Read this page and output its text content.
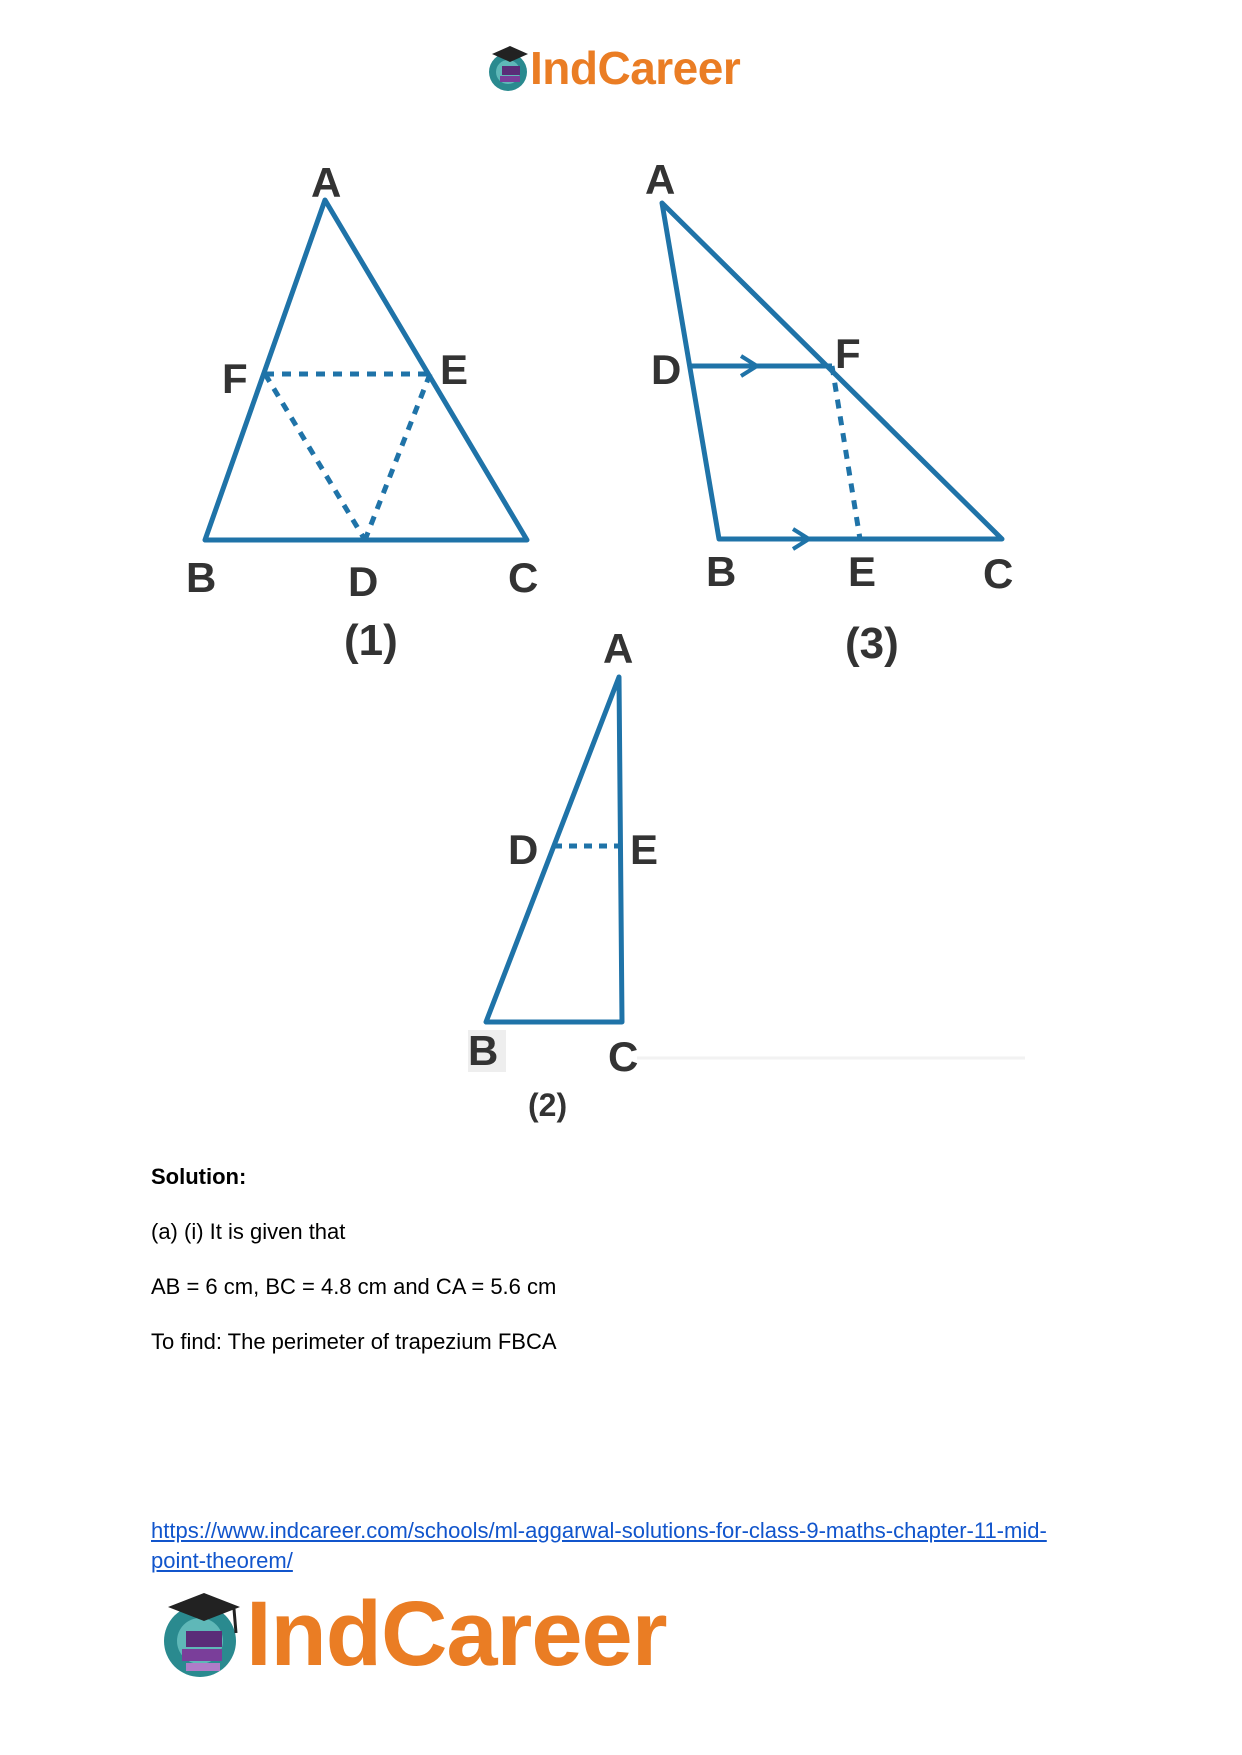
IndCareer
A
F	E
B	D	C
(1)
A
D	F
B	E	C
(3)
A
D E
B	C
(2)
Solution:
(a) (i) It is given that
AB = 6 cm, BC = 4.8 cm and CA = 5.6 cm
To find: The perimeter of trapezium FBCA
https://www.indcareer.com/schools/ml-aggarwal-solutions-for-class-9-maths-chapter-11-mid-point-theorem/
IndCareer
